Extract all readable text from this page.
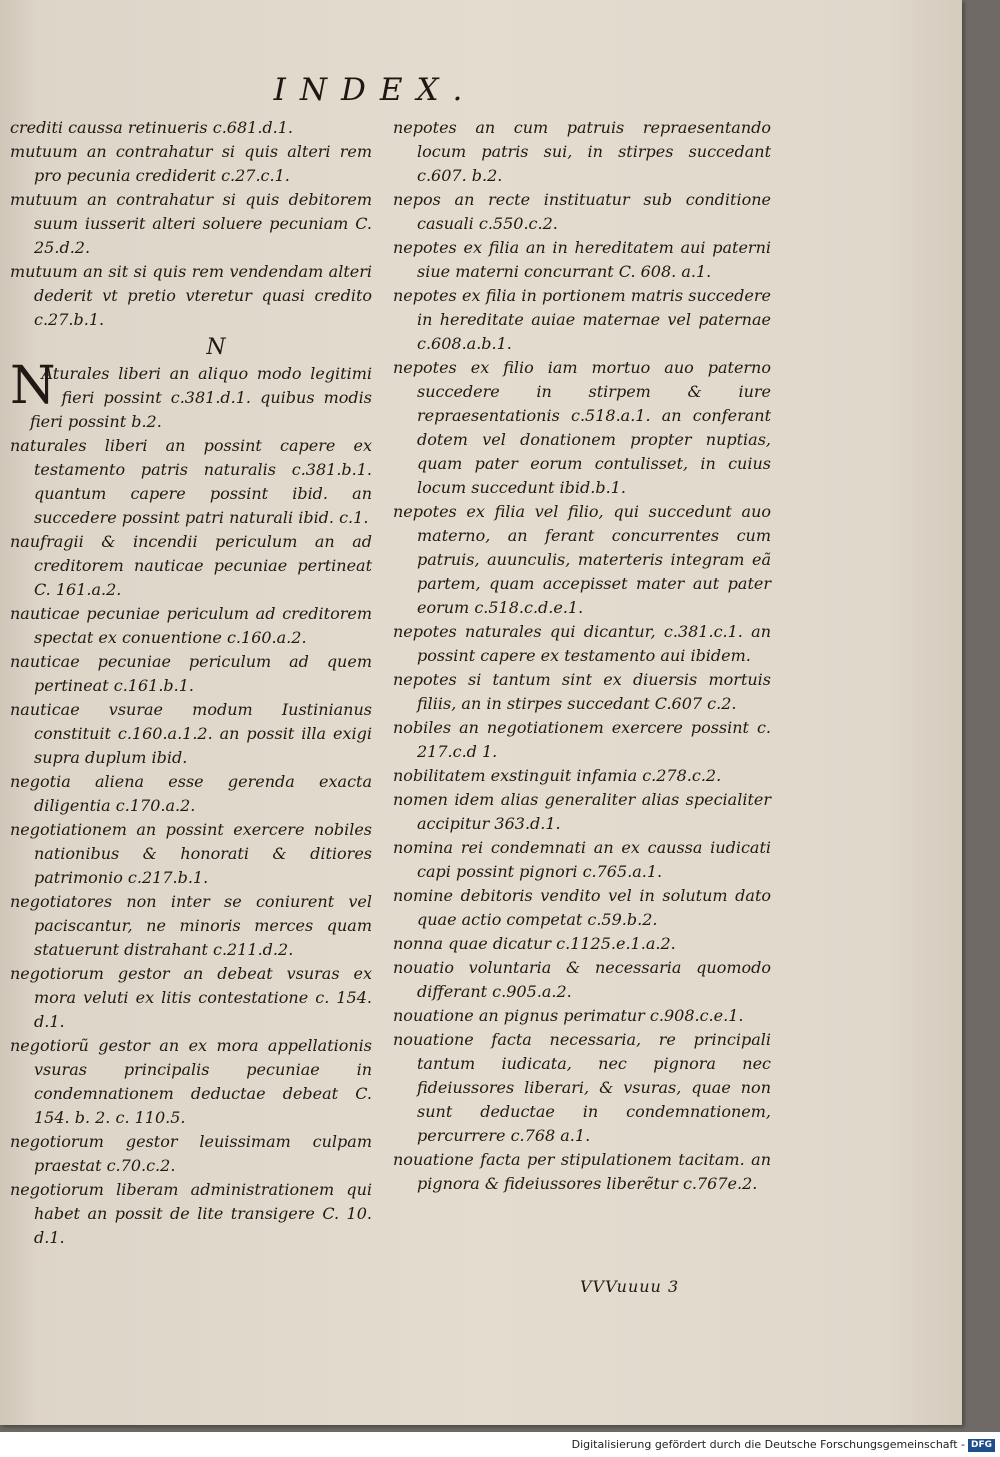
INDEX.

crediti caussa retinueris c.681.d.1.

mutuum an contrahatur si quis alteri rem pro pecunia crediderit c.27.c.1.

mutuum an contrahatur si quis debitorem suum iusserit alteri soluere pecuniam C. 25.d.2.

mutuum an sit si quis rem vendendam alteri dederit vt pretio vteretur quasi credito c.27.b.1.

N

N
Aturales liberi an aliquo modo legitimi fieri possint c.381.d.1. quibus modis fieri possint b.2.

naturales liberi an possint capere ex testamento patris naturalis c.381.b.1. quantum capere possint ibid. an succedere possint patri naturali ibid. c.1.

naufragii & incendii periculum an ad creditorem nauticae pecuniae pertineat C. 161.a.2.

nauticae pecuniae periculum ad creditorem spectat ex conuentione c.160.a.2.

nauticae pecuniae periculum ad quem pertineat c.161.b.1.

nauticae vsurae modum Iustinianus constituit c.160.a.1.2. an possit illa exigi supra duplum ibid.

negotia aliena esse gerenda exacta diligentia c.170.a.2.

negotiationem an possint exercere nobiles nationibus & honorati & ditiores patrimonio c.217.b.1.

negotiatores non inter se coniurent vel paciscantur, ne minoris merces quam statuerunt distrahant c.211.d.2.

negotiorum gestor an debeat vsuras ex mora veluti ex litis contestatione c. 154. d.1.

negotiorũ gestor an ex mora appellationis vsuras principalis pecuniae in condemnationem deductae debeat C. 154. b. 2. c. 110.5.

negotiorum gestor leuissimam culpam praestat c.70.c.2.

negotiorum liberam administrationem qui habet an possit de lite transigere C. 10. d.1.

nepotes an cum patruis repraesentando locum patris sui, in stirpes succedant c.607. b.2.

nepos an recte instituatur sub conditione casuali c.550.c.2.

nepotes ex filia an in hereditatem aui paterni siue materni concurrant C. 608. a.1.

nepotes ex filia in portionem matris succedere in hereditate auiae maternae vel paternae c.608.a.b.1.

nepotes ex filio iam mortuo auo paterno succedere in stirpem & iure repraesentationis c.518.a.1. an conferant dotem vel donationem propter nuptias, quam pater eorum contulisset, in cuius locum succedunt ibid.b.1.

nepotes ex filia vel filio, qui succedunt auo materno, an ferant concurrentes cum patruis, auunculis, materteris integram eã partem, quam accepisset mater aut pater eorum c.518.c.d.e.1.

nepotes naturales qui dicantur, c.381.c.1. an possint capere ex testamento aui ibidem.

nepotes si tantum sint ex diuersis mortuis filiis, an in stirpes succedant C.607 c.2.

nobiles an negotiationem exercere possint c. 217.c.d 1.

nobilitatem exstinguit infamia c.278.c.2.

nomen idem alias generaliter alias specialiter accipitur 363.d.1.

nomina rei condemnati an ex caussa iudicati capi possint pignori c.765.a.1.

nomine debitoris vendito vel in solutum dato quae actio competat c.59.b.2.

nonna quae dicatur c.1125.e.1.a.2.

nouatio voluntaria & necessaria quomodo differant c.905.a.2.

nouatione an pignus perimatur c.908.c.e.1.

nouatione facta necessaria, re principali tantum iudicata, nec pignora nec fideiussores liberari, & vsuras, quae non sunt deductae in condemnationem, percurrere c.768 a.1.

nouatione facta per stipulationem tacitam. an pignora & fideiussores liberẽtur c.767e.2.

VVVuuuu 3
Digitalisierung gefördert durch die Deutsche Forschungsgemeinschaft - DFG
